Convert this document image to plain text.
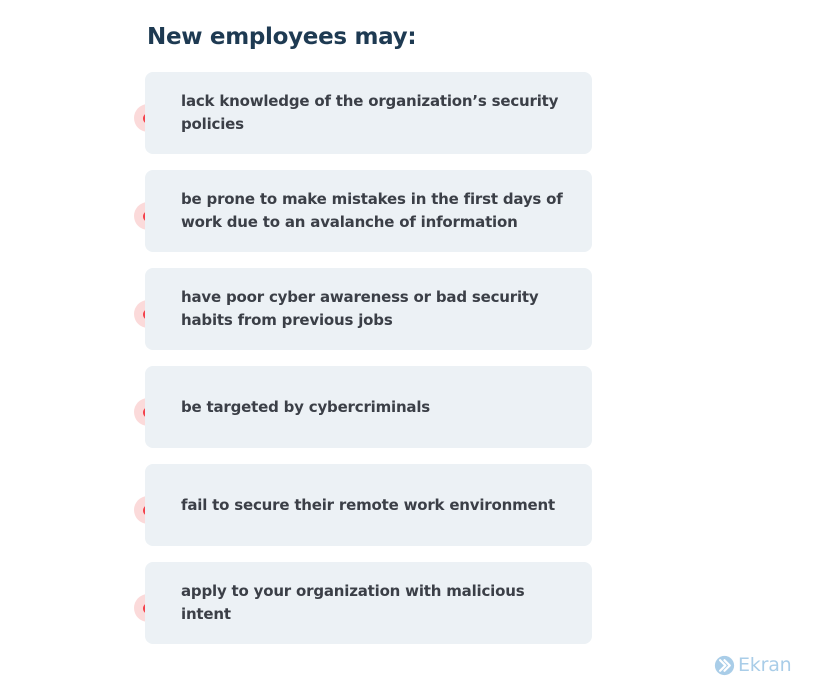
New employees may:
lack knowledge of the organization’s security policies
be prone to make mistakes in the first days of work due to an avalanche of information
have poor cyber awareness or bad security habits from previous jobs
be targeted by cybercriminals
fail to secure their remote work environment
apply to your organization with malicious intent
Ekran
